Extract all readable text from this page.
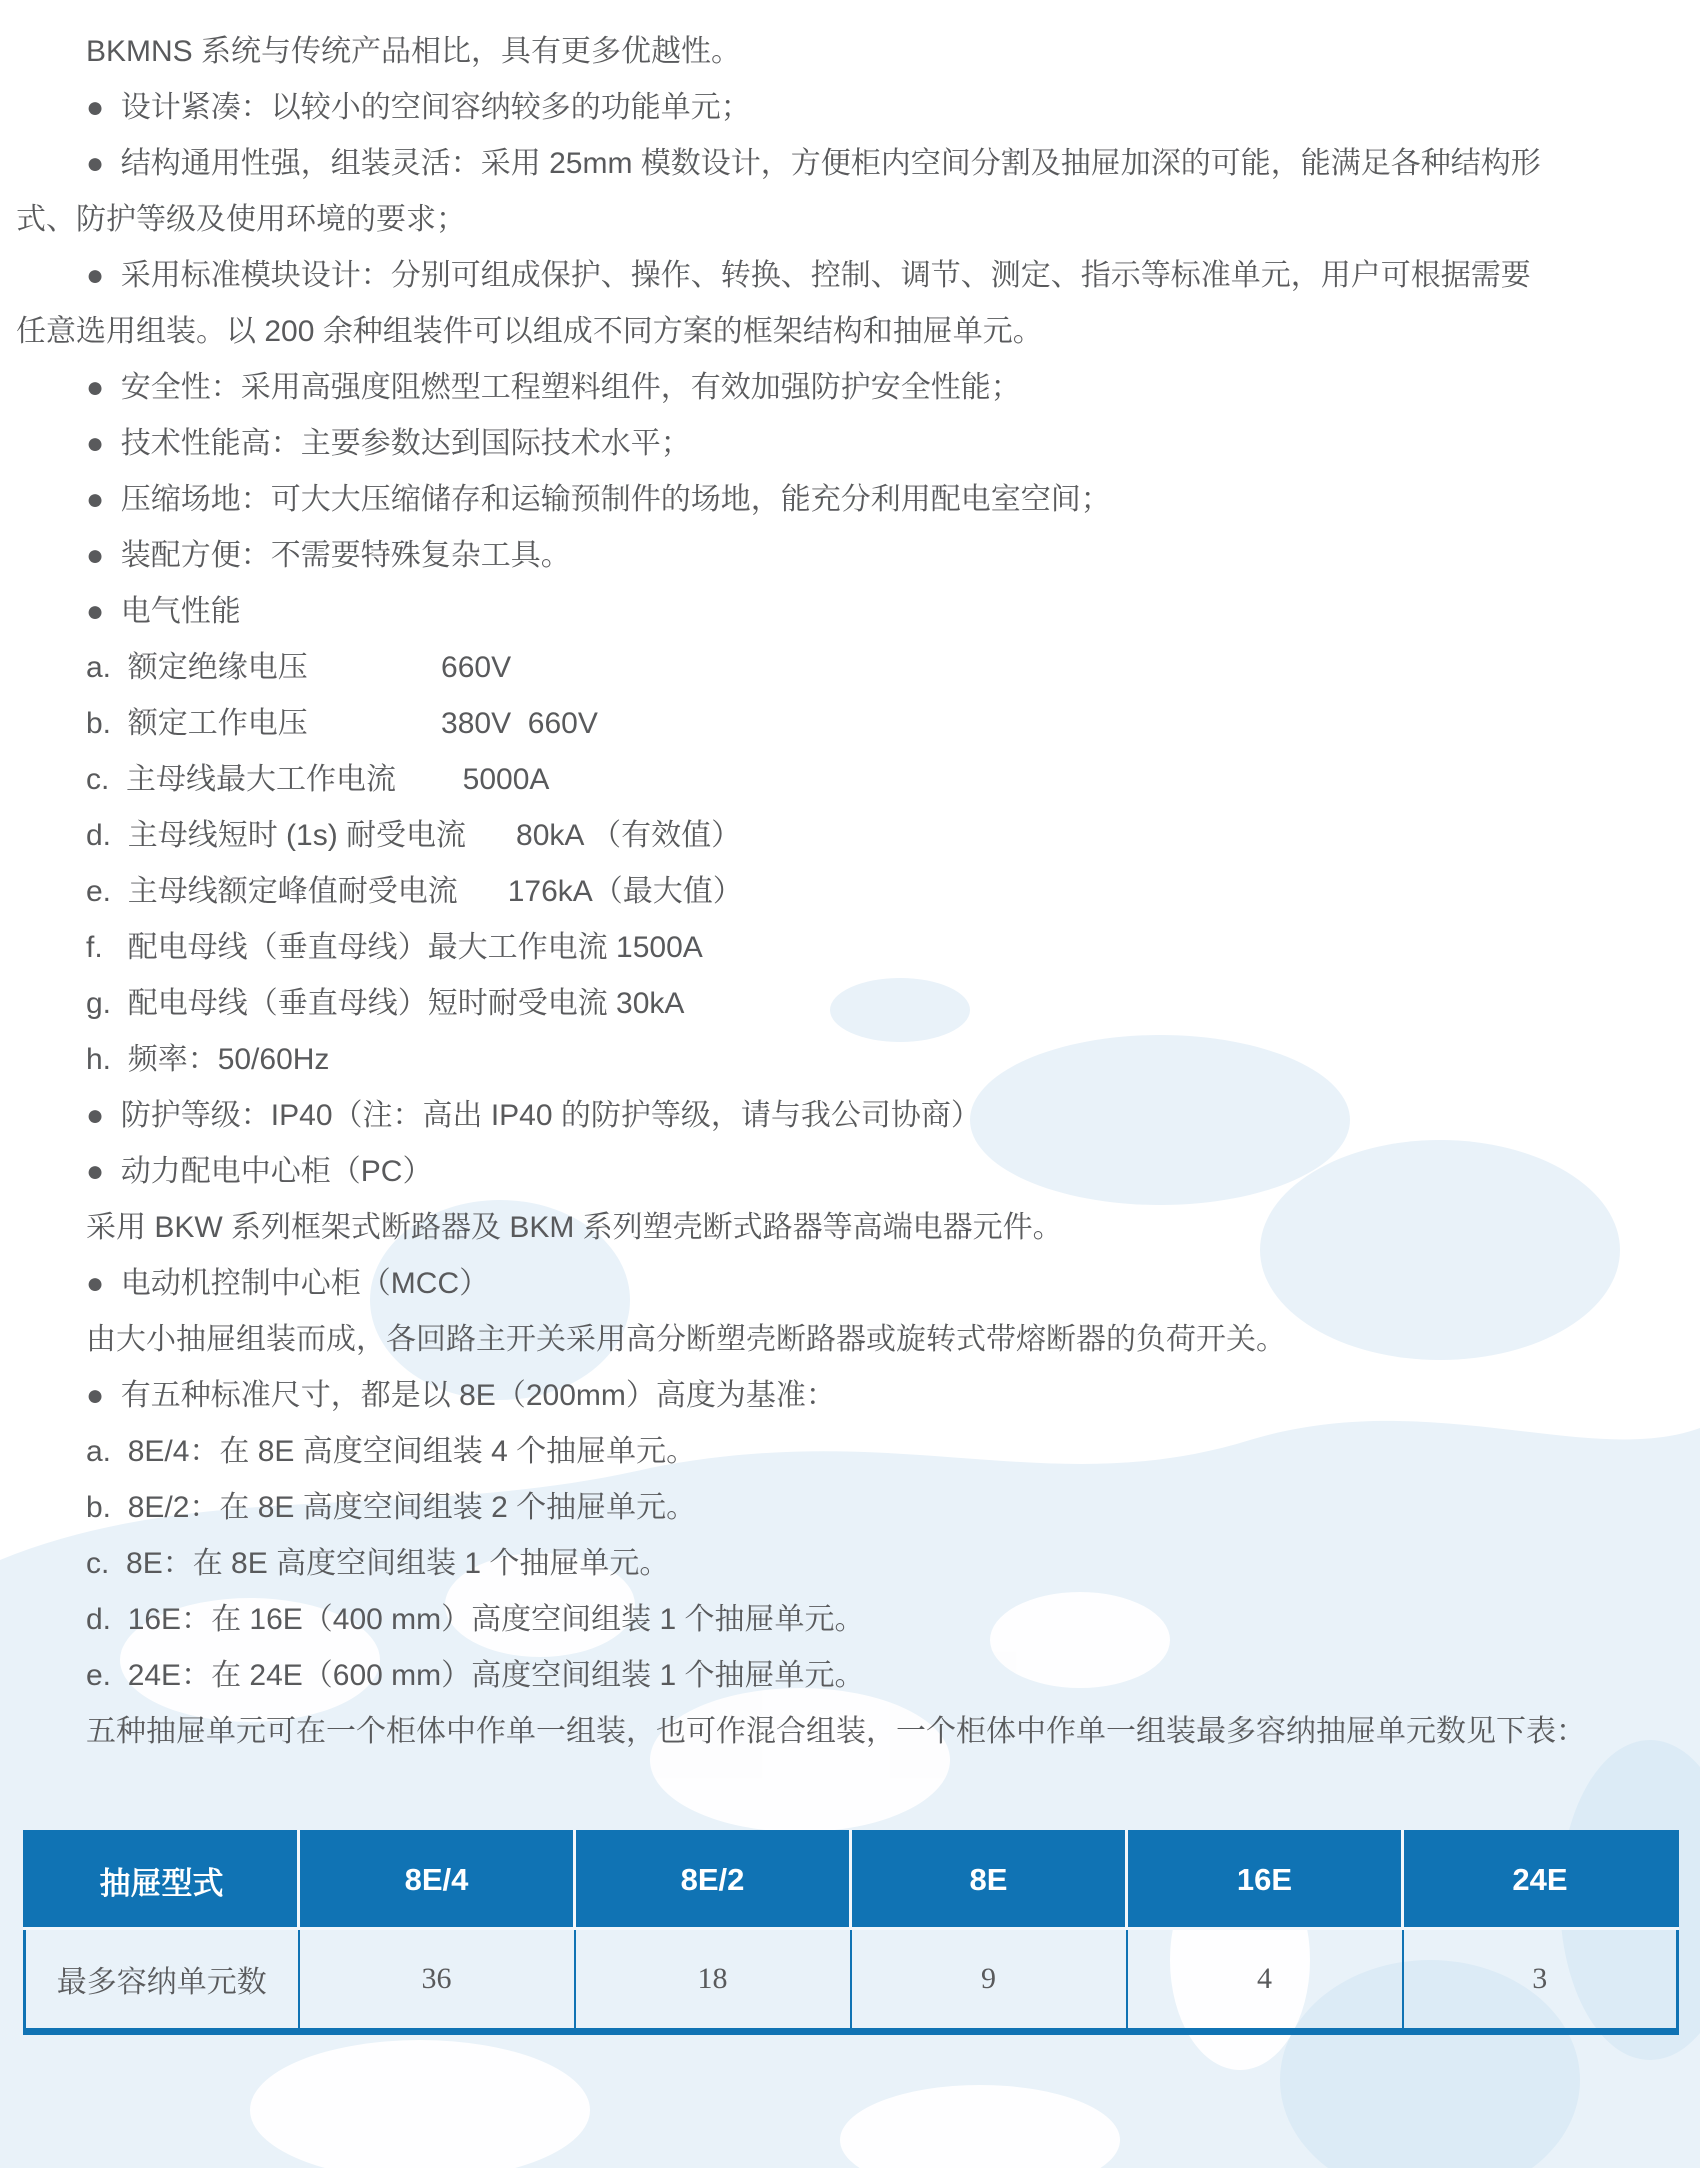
BKMNS 系统与传统产品相比，具有更多优越性。
●  设计紧凑：以较小的空间容纳较多的功能单元；
●  结构通用性强，组装灵活：采用 25mm 模数设计，方便柜内空间分割及抽屉加深的可能，能满足各种结构形
式、防护等级及使用环境的要求；
●  采用标准模块设计：分别可组成保护、操作、转换、控制、调节、测定、指示等标准单元，用户可根据需要
任意选用组装。以 200 余种组装件可以组成不同方案的框架结构和抽屉单元。
●  安全性：采用高强度阻燃型工程塑料组件，有效加强防护安全性能；
●  技术性能高：主要参数达到国际技术水平；
●  压缩场地：可大大压缩储存和运输预制件的场地，能充分利用配电室空间；
●  装配方便：不需要特殊复杂工具。
●  电气性能
a.  额定绝缘电压                660V
b.  额定工作电压                380V  660V
c.  主母线最大工作电流        5000A
d.  主母线短时 (1s) 耐受电流      80kA （有效值）
e.  主母线额定峰值耐受电流      176kA（最大值）
f.   配电母线（垂直母线）最大工作电流 1500A
g.  配电母线（垂直母线）短时耐受电流 30kA
h.  频率：50/60Hz
●  防护等级：IP40（注：高出 IP40 的防护等级，请与我公司协商）
●  动力配电中心柜（PC）
采用 BKW 系列框架式断路器及 BKM 系列塑壳断式路器等高端电器元件。
●  电动机控制中心柜（MCC）
由大小抽屉组装而成，各回路主开关采用高分断塑壳断路器或旋转式带熔断器的负荷开关。
●  有五种标准尺寸，都是以 8E（200mm）高度为基准：
a.  8E/4：在 8E 高度空间组装 4 个抽屉单元。
b.  8E/2：在 8E 高度空间组装 2 个抽屉单元。
c.  8E：在 8E 高度空间组装 1 个抽屉单元。
d.  16E：在 16E（400 mm）高度空间组装 1 个抽屉单元。
e.  24E：在 24E（600 mm）高度空间组装 1 个抽屉单元。
五种抽屉单元可在一个柜体中作单一组装，也可作混合组装，一个柜体中作单一组装最多容纳抽屉单元数见下表：
抽屉型式	8E/4	8E/2	8E	16E	24E
最多容纳单元数	36	18	9	4	3
